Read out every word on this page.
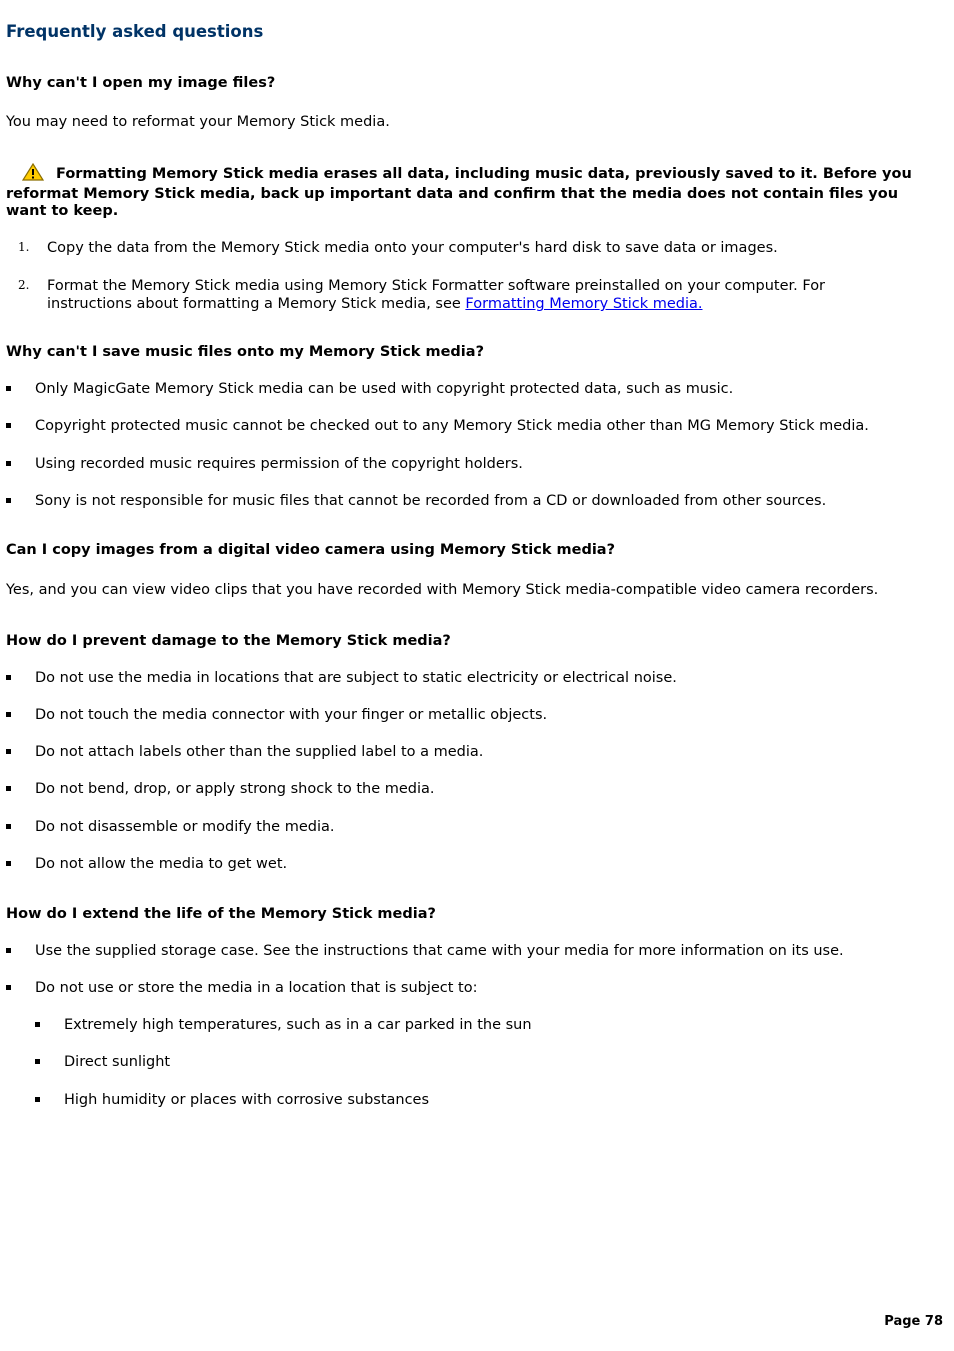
Frequently asked questions
Why can't I open my image files?

You may need to reformat your Memory Stick media.

Formatting Memory Stick media erases all data, including music data, previously saved to it. Before you reformat Memory Stick media, back up important data and confirm that the media does not contain files you want to keep.

1. Copy the data from the Memory Stick media onto your computer's hard disk to save data or images.
2. Format the Memory Stick media using Memory Stick Formatter software preinstalled on your computer. For
instructions about formatting a Memory Stick media, see Formatting Memory Stick media.
Why can't I save music files onto my Memory Stick media?
Only MagicGate Memory Stick media can be used with copyright protected data, such as music.
Copyright protected music cannot be checked out to any Memory Stick media other than MG Memory Stick media.
Using recorded music requires permission of the copyright holders.
Sony is not responsible for music files that cannot be recorded from a CD or downloaded from other sources.
Can I copy images from a digital video camera using Memory Stick media?

Yes, and you can view video clips that you have recorded with Memory Stick media-compatible video camera recorders.

How do I prevent damage to the Memory Stick media?
Do not use the media in locations that are subject to static electricity or electrical noise.
Do not touch the media connector with your finger or metallic objects.
Do not attach labels other than the supplied label to a media.
Do not bend, drop, or apply strong shock to the media.
Do not disassemble or modify the media.
Do not allow the media to get wet.
How do I extend the life of the Memory Stick media?
Use the supplied storage case. See the instructions that came with your media for more information on its use.
Do not use or store the media in a location that is subject to:
Extremely high temperatures, such as in a car parked in the sun
Direct sunlight
High humidity or places with corrosive substances
Page 78
